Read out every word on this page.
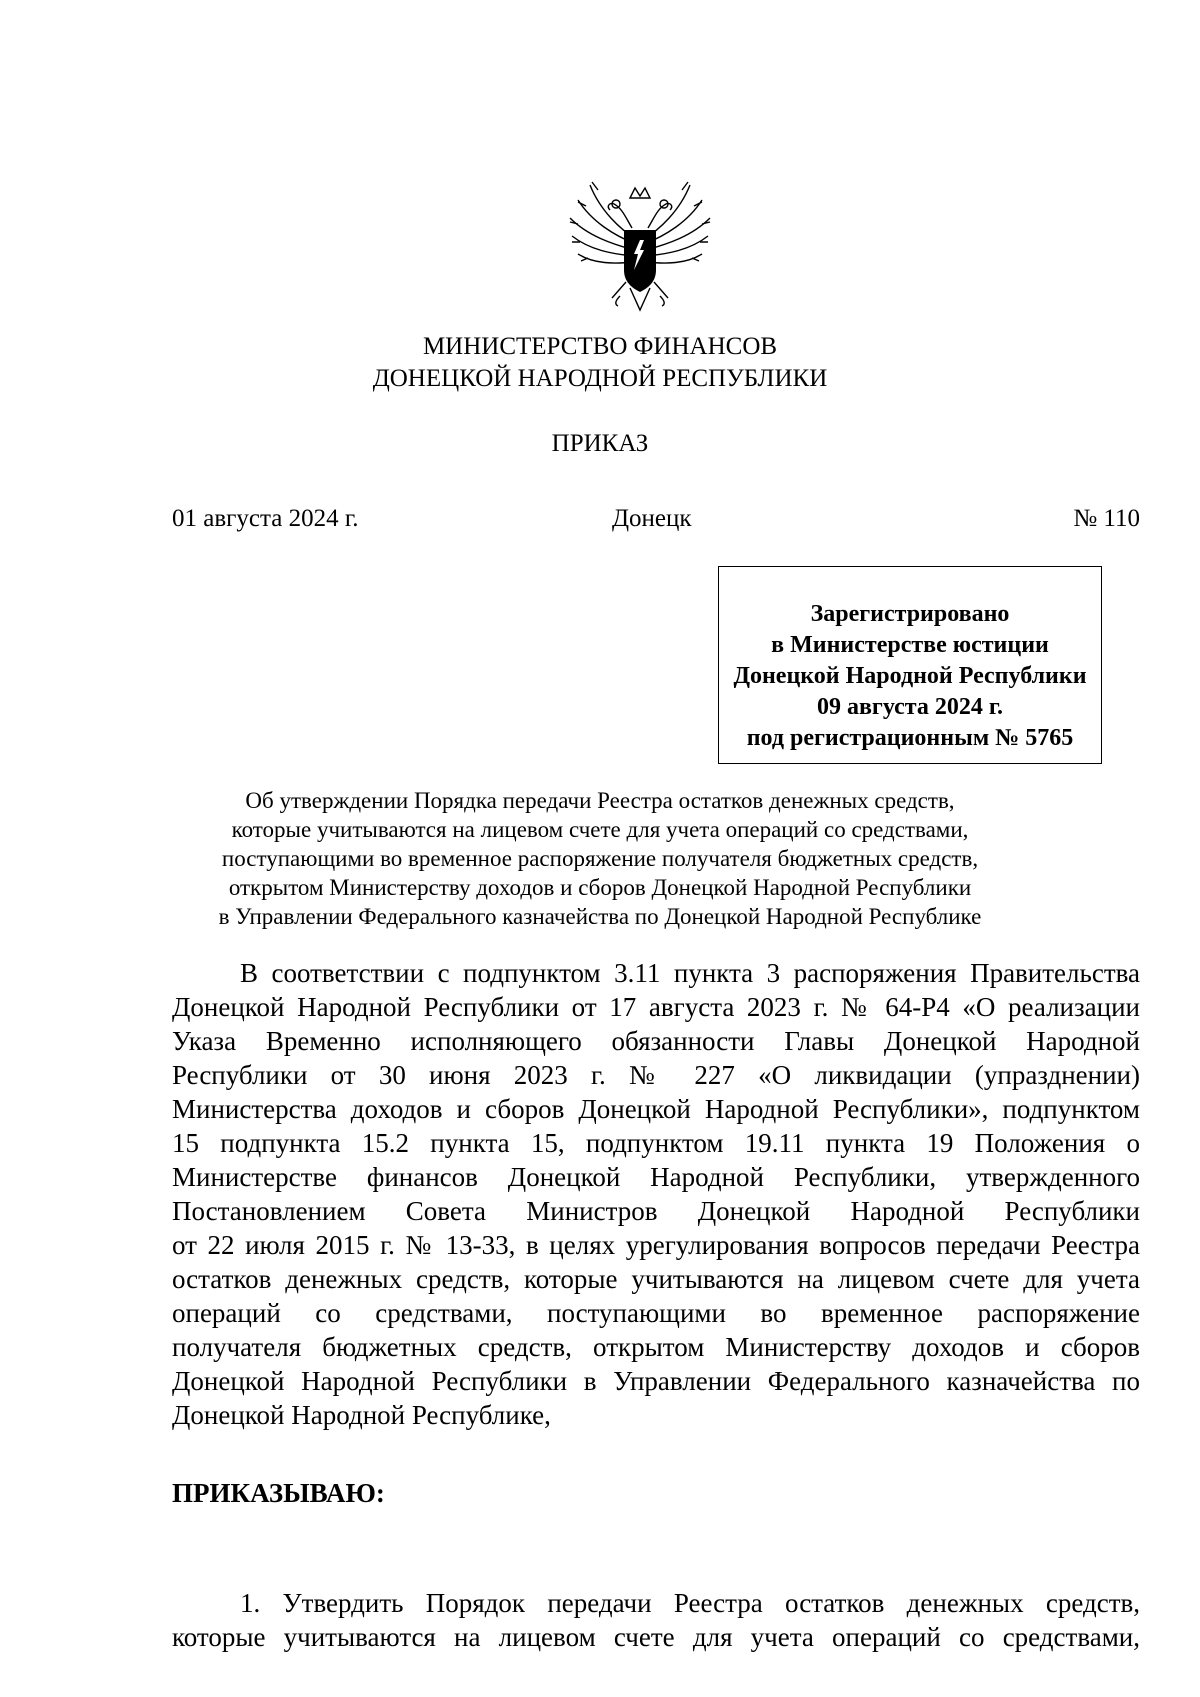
МИНИСТЕРСТВО ФИНАНСОВ
ДОНЕЦКОЙ НАРОДНОЙ РЕСПУБЛИКИ
ПРИКАЗ
01 августа 2024 г.	Донецк	№ 110
Зарегистрировано
в Министерстве юстиции
Донецкой Народной Республики
09 августа 2024 г.
под регистрационным № 5765
Об утверждении Порядка передачи Реестра остатков денежных средств,
которые учитываются на лицевом счете для учета операций со средствами,
поступающими во временное распоряжение получателя бюджетных средств,
открытом Министерству доходов и сборов Донецкой Народной Республики
в Управлении Федерального казначейства по Донецкой Народной Республике
В соответствии с подпунктом 3.11 пункта 3 распоряжения Правительства
Донецкой Народной Республики от 17 августа 2023 г. № 64-Р4 «О реализации
Указа Временно исполняющего обязанности Главы Донецкой Народной
Республики от 30 июня 2023 г. № 227 «О ликвидации (упразднении)
Министерства доходов и сборов Донецкой Народной Республики», подпунктом
15 подпункта 15.2 пункта 15, подпунктом 19.11 пункта 19 Положения о
Министерстве финансов Донецкой Народной Республики, утвержденного
Постановлением Совета Министров Донецкой Народной Республики
от 22 июля 2015 г. № 13-33, в целях урегулирования вопросов передачи Реестра
остатков денежных средств, которые учитываются на лицевом счете для учета
операций со средствами, поступающими во временное распоряжение
получателя бюджетных средств, открытом Министерству доходов и сборов
Донецкой Народной Республики в Управлении Федерального казначейства по
Донецкой Народной Республике,
ПРИКАЗЫВАЮ:
1. Утвердить Порядок передачи Реестра остатков денежных средств,
которые учитываются на лицевом счете для учета операций со средствами,
